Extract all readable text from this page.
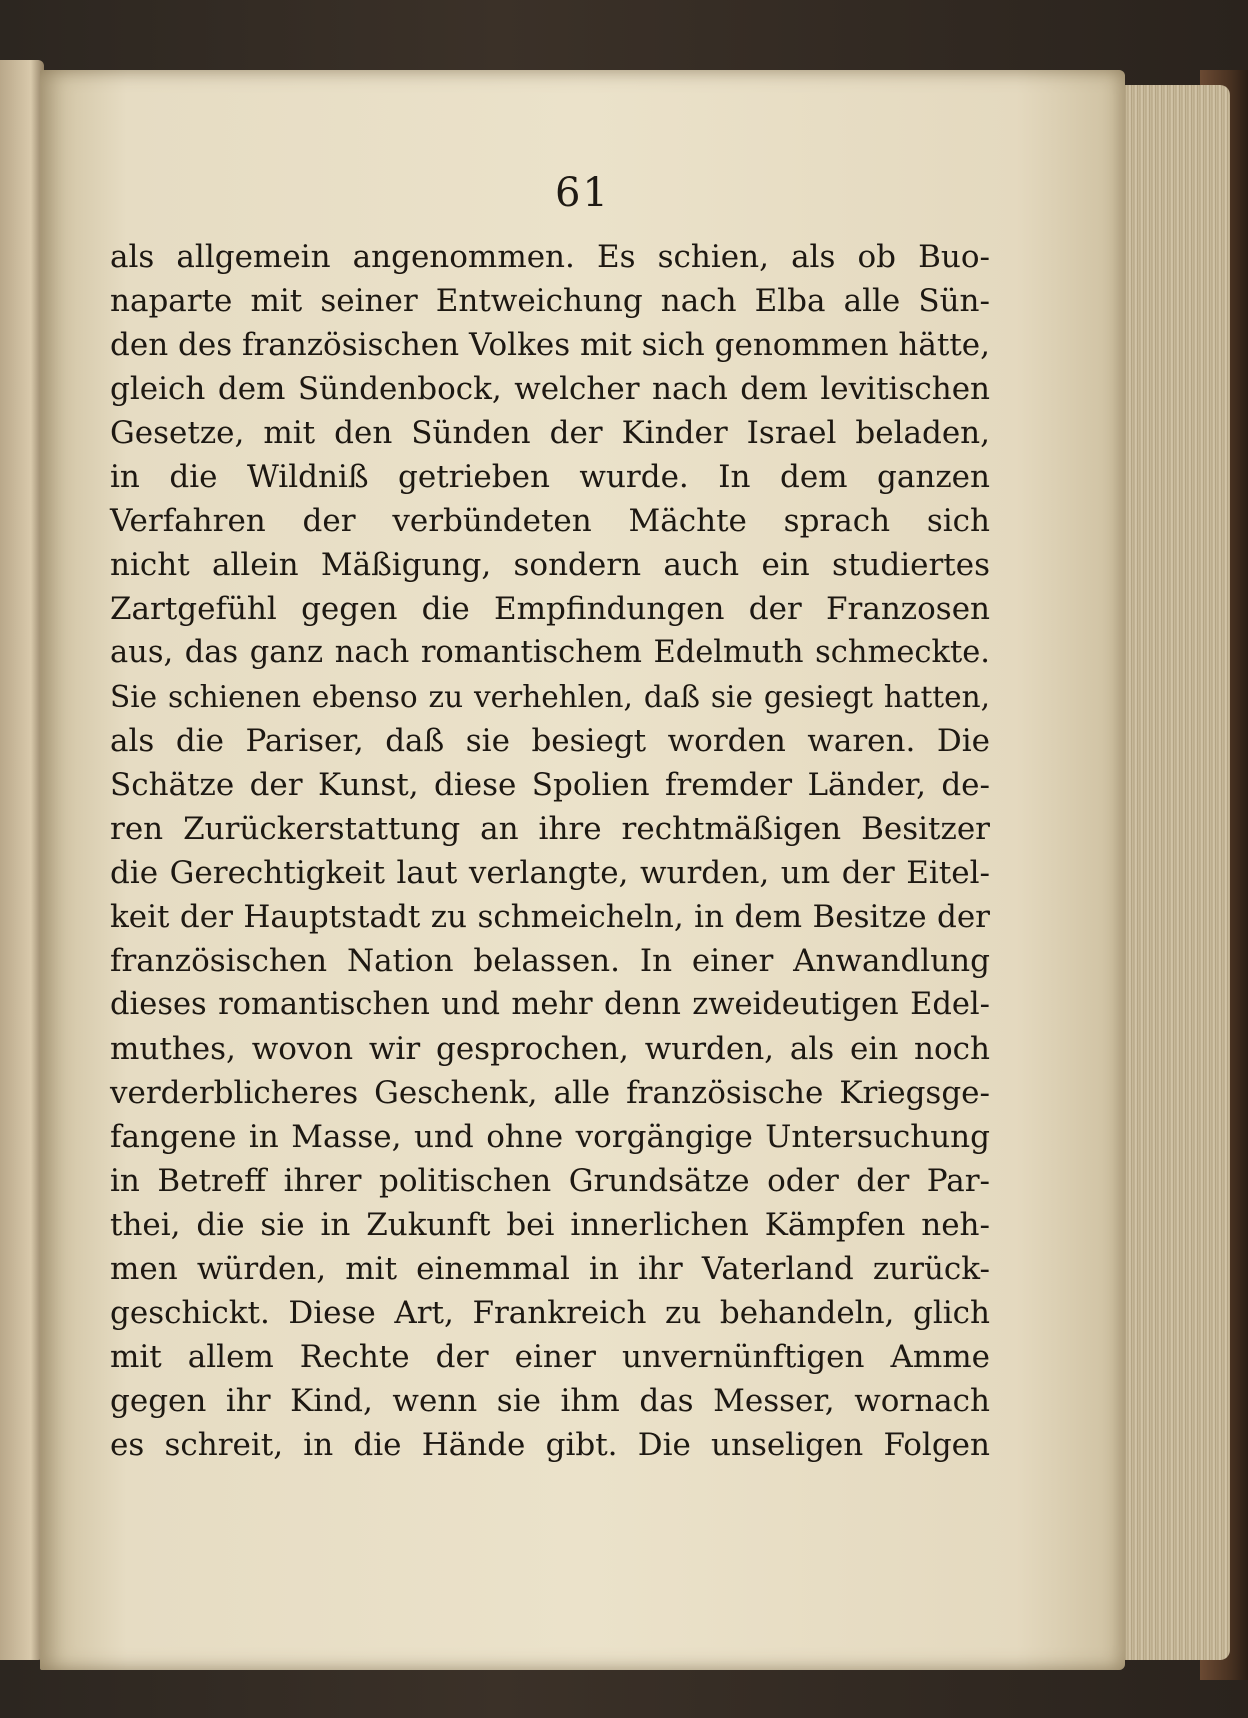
61
als allgemein angenommen. Es schien, als ob Buo-
naparte mit seiner Entweichung nach Elba alle Sün-
den des französischen Volkes mit sich genommen hätte,
gleich dem Sündenbock, welcher nach dem levitischen
Gesetze, mit den Sünden der Kinder Israel beladen,
in die Wildniß getrieben wurde. In dem ganzen
Verfahren der verbündeten Mächte sprach sich
nicht allein Mäßigung, sondern auch ein studiertes
Zartgefühl gegen die Empfindungen der Franzosen
aus, das ganz nach romantischem Edelmuth schmeckte.
Sie schienen ebenso zu verhehlen, daß sie gesiegt hatten,
als die Pariser, daß sie besiegt worden waren. Die
Schätze der Kunst, diese Spolien fremder Länder, de-
ren Zurückerstattung an ihre rechtmäßigen Besitzer
die Gerechtigkeit laut verlangte, wurden, um der Eitel-
keit der Hauptstadt zu schmeicheln, in dem Besitze der
französischen Nation belassen. In einer Anwandlung
dieses romantischen und mehr denn zweideutigen Edel-
muthes, wovon wir gesprochen, wurden, als ein noch
verderblicheres Geschenk, alle französische Kriegsge-
fangene in Masse, und ohne vorgängige Untersuchung
in Betreff ihrer politischen Grundsätze oder der Par-
thei, die sie in Zukunft bei innerlichen Kämpfen neh-
men würden, mit einemmal in ihr Vaterland zurück-
geschickt. Diese Art, Frankreich zu behandeln, glich
mit allem Rechte der einer unvernünftigen Amme
gegen ihr Kind, wenn sie ihm das Messer, wornach
es schreit, in die Hände gibt. Die unseligen Folgen
